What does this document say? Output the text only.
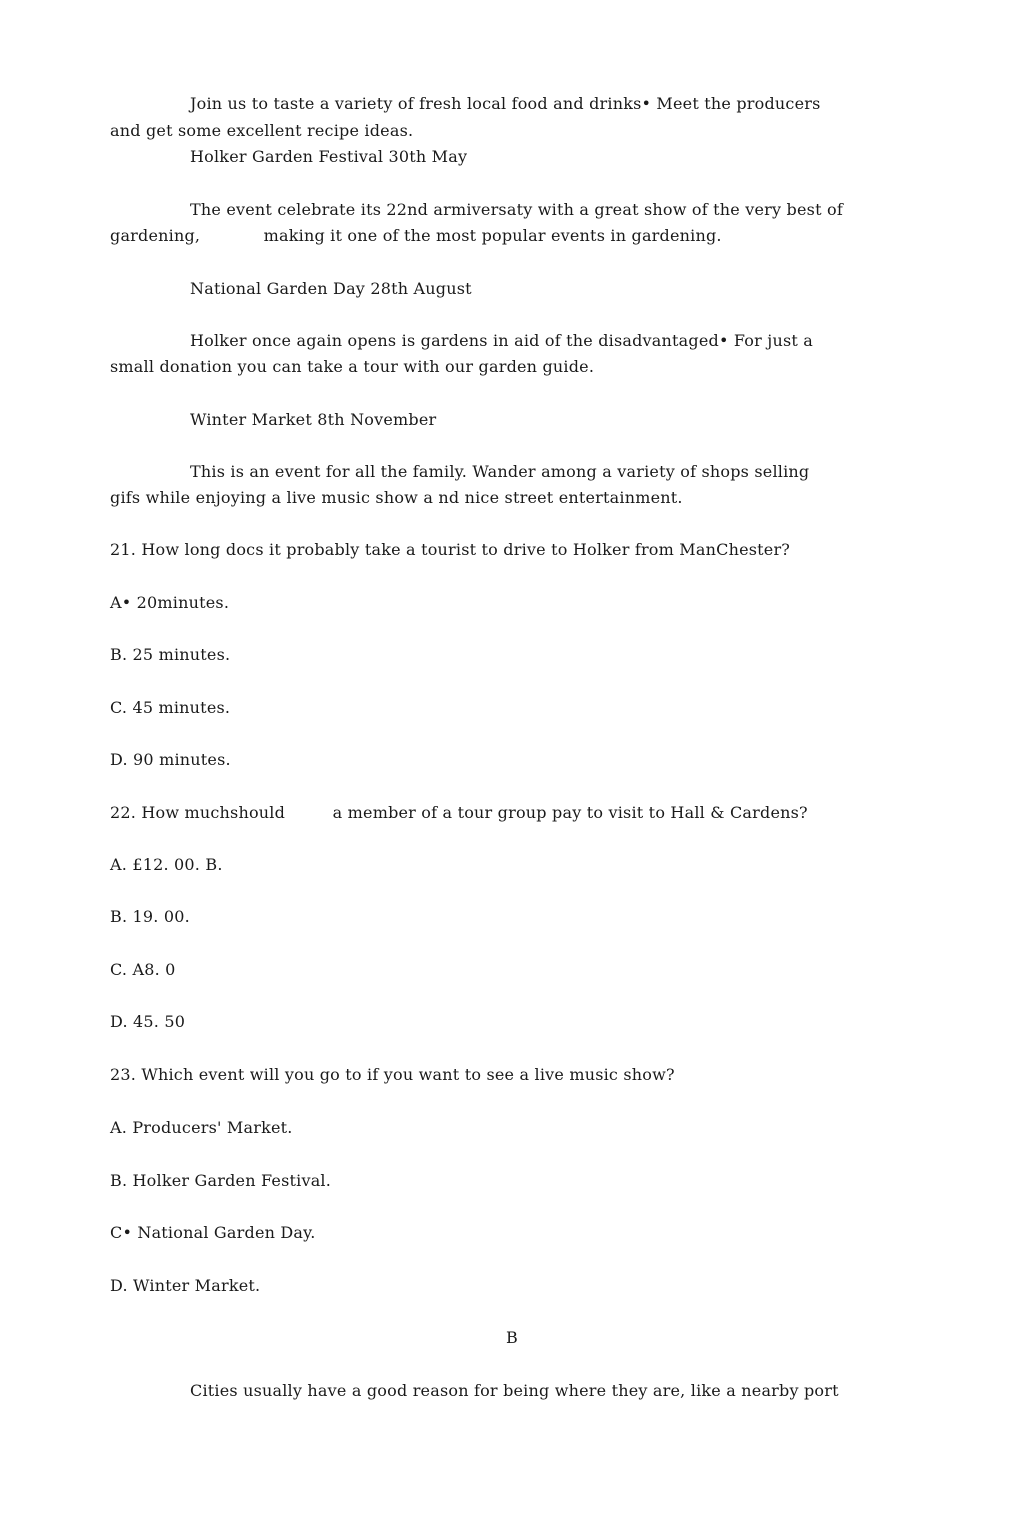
Join us to taste a variety of fresh local food and drinks• Meet the producers
and get some excellent recipe ideas.
Holker Garden Festival 30th May
The event celebrate its 22nd armiversaty with a great show of the very best of
gardening,            making it one of the most popular events in gardening.
National Garden Day 28th August
Holker once again opens is gardens in aid of the disadvantaged• For just a
small donation you can take a tour with our garden guide.
Winter Market 8th November
This is an event for all the family. Wander among a variety of shops selling
gifs while enjoying a live music show a nd nice street entertainment.
21. How long docs it probably take a tourist to drive to Holker from ManChester?
A• 20minutes.
B. 25 minutes.
C. 45 minutes.
D. 90 minutes.
22. How muchshould         a member of a tour group pay to visit to Hall & Cardens?
A. £12. 00. B.
B. 19. 00.
C. A8. 0
D. 45. 50
23. Which event will you go to if you want to see a live music show?
A. Producers' Market.
B. Holker Garden Festival.
C• National Garden Day.
D. Winter Market.
B
Cities usually have a good reason for being where they are, like a nearby port
